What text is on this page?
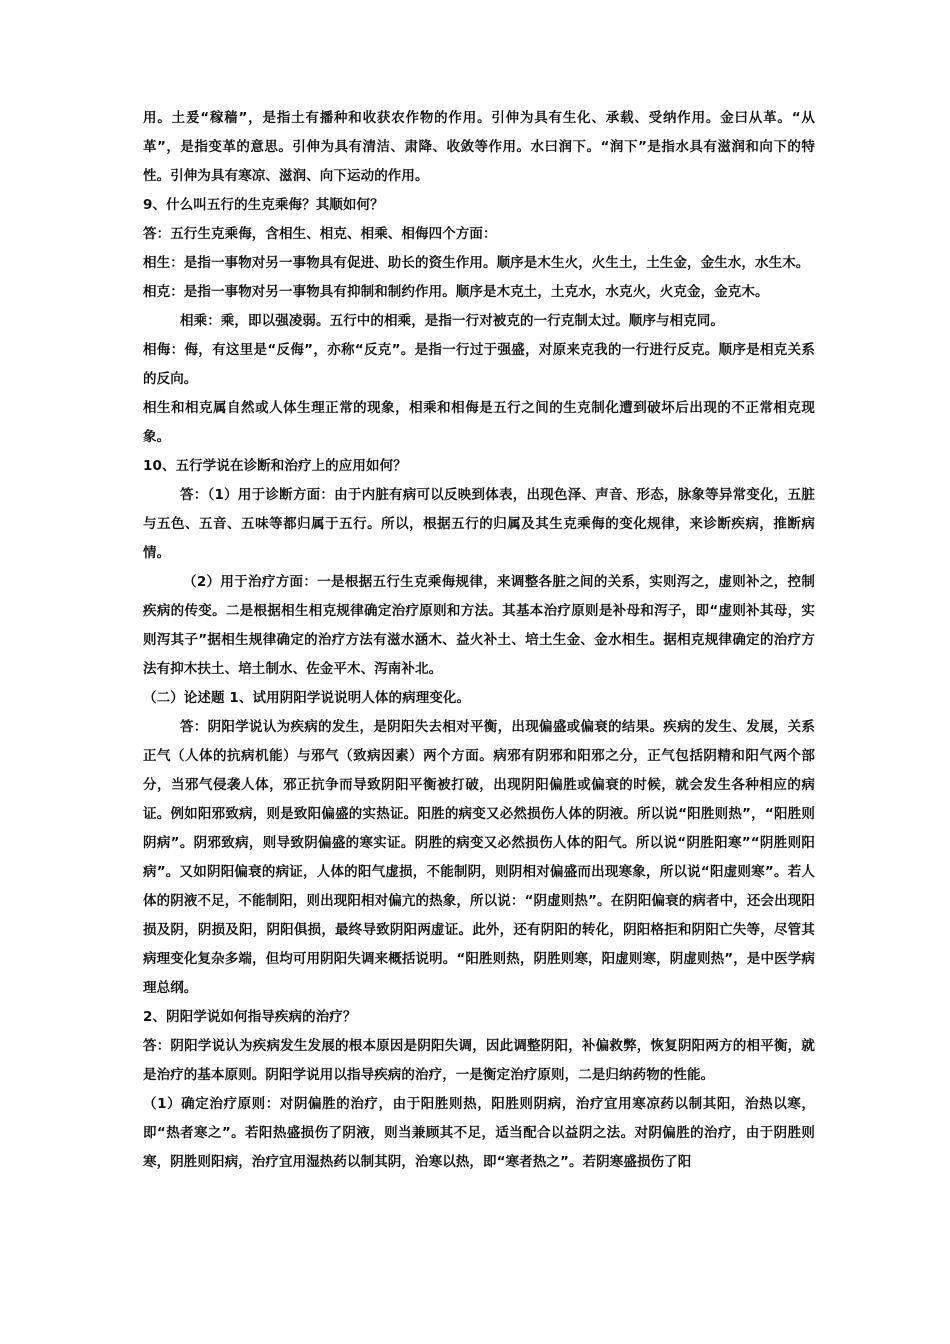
用。土爰“稼穑”，是指土有播种和收获农作物的作用。引伸为具有生化、承载、受纳作用。金曰从革。“从革”，是指变革的意思。引伸为具有清洁、肃降、收敛等作用。水曰润下。“润下”是指水具有滋润和向下的特性。引伸为具有寒凉、滋润、向下运动的作用。

9、什么叫五行的生克乘侮？其顺如何？

答：五行生克乘侮，含相生、相克、相乘、相侮四个方面：

相生：是指一事物对另一事物具有促进、助长的资生作用。顺序是木生火，火生土，土生金，金生水，水生木。

相克：是指一事物对另一事物具有抑制和制约作用。顺序是木克土，土克水，水克火，火克金，金克木。

相乘：乘，即以强凌弱。五行中的相乘，是指一行对被克的一行克制太过。顺序与相克同。

相侮：侮，有这里是“反侮”，亦称“反克”。是指一行过于强盛，对原来克我的一行进行反克。顺序是相克关系的反向。

相生和相克属自然或人体生理正常的现象，相乘和相侮是五行之间的生克制化遭到破坏后出现的不正常相克现象。

10、五行学说在诊断和治疗上的应用如何？

答：（1）用于诊断方面：由于内脏有病可以反映到体表，出现色泽、声音、形态，脉象等异常变化，五脏与五色、五音、五味等都归属于五行。所以，根据五行的归属及其生克乘侮的变化规律，来诊断疾病，推断病情。

（2）用于治疗方面：一是根据五行生克乘侮规律，来调整各脏之间的关系，实则泻之，虚则补之，控制疾病的传变。二是根据相生相克规律确定治疗原则和方法。其基本治疗原则是补母和泻子，即“虚则补其母，实则泻其子”据相生规律确定的治疗方法有滋水涵木、益火补土、培土生金、金水相生。据相克规律确定的治疗方法有抑木扶土、培土制水、佐金平木、泻南补北。

（二）论述题 1、试用阴阳学说说明人体的病理变化。

答：阴阳学说认为疾病的发生，是阴阳失去相对平衡，出现偏盛或偏衰的结果。疾病的发生、发展，关系正气（人体的抗病机能）与邪气（致病因素）两个方面。病邪有阴邪和阳邪之分，正气包括阴精和阳气两个部分，当邪气侵袭人体，邪正抗争而导致阴阳平衡被打破，出现阴阳偏胜或偏衰的时候，就会发生各种相应的病证。例如阳邪致病，则是致阳偏盛的实热证。阳胜的病变又必然损伤人体的阴液。所以说“阳胜则热”，“阳胜则阴病”。阴邪致病，则导致阴偏盛的寒实证。阴胜的病变又必然损伤人体的阳气。所以说“阴胜阳寒”“阴胜则阳病”。又如阴阳偏衰的病证，人体的阳气虚损，不能制阴，则阴相对偏盛而出现寒象，所以说“阳虚则寒”。若人体的阴液不足，不能制阳，则出现阳相对偏亢的热象，所以说：“阴虚则热”。在阴阳偏衰的病者中，还会出现阳损及阴，阴损及阳，阴阳俱损，最终导致阴阳两虚证。此外，还有阴阳的转化，阴阳格拒和阴阳亡失等，尽管其病理变化复杂多端，但均可用阴阳失调来概括说明。“阳胜则热，阴胜则寒，阳虚则寒，阴虚则热”，是中医学病理总纲。

2、阴阳学说如何指导疾病的治疗？

答：阴阳学说认为疾病发生发展的根本原因是阴阳失调，因此调整阴阳，补偏救弊，恢复阴阳两方的相平衡，就是治疗的基本原则。阴阳学说用以指导疾病的治疗，一是衡定治疗原则，二是归纳药物的性能。

（1）确定治疗原则：对阴偏胜的治疗，由于阳胜则热，阳胜则阴病，治疗宜用寒凉药以制其阳，治热以寒，即“热者寒之”。若阳热盛损伤了阴液，则当兼顾其不足，适当配合以益阴之法。对阴偏胜的治疗，由于阴胜则寒，阴胜则阳病，治疗宜用湿热药以制其阴，治寒以热，即“寒者热之”。若阴寒盛损伤了阳
